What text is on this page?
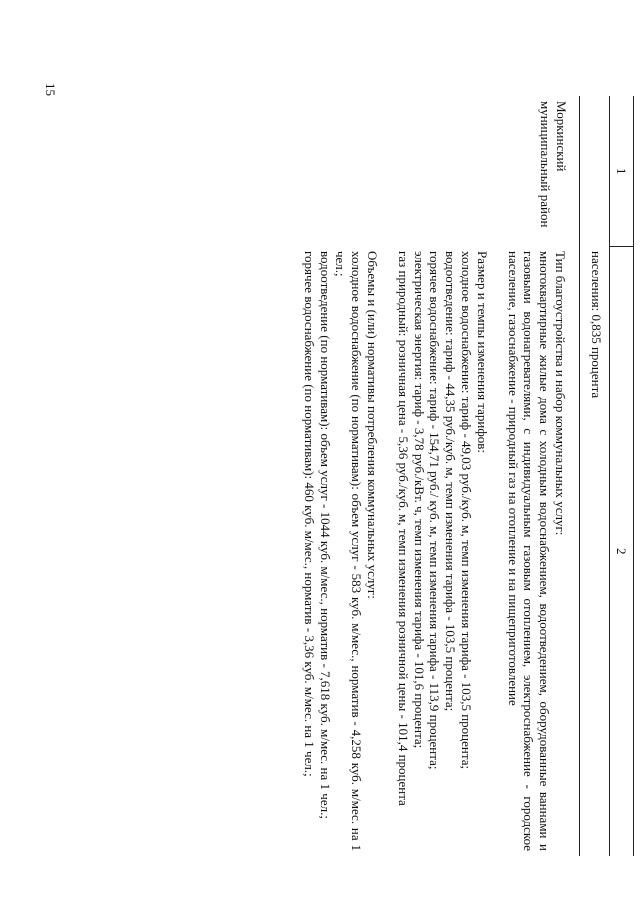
15
1
2

населения: 0,835 процента

Моркинский муниципальный район

Тип благоустройства и набор коммунальных услуг:

многоквартирные жилые дома с холодным водоснабжением, водоотведением, оборудованные ваннами и газовыми водонагревателями, с индивидуальным газовым отоплением, электроснабжение - городское население, газоснабжение - природный газ на отопление и на пищеприготовление

Размер и темпы изменения тарифов:

холодное водоснабжение: тариф - 49,03 руб./куб. м, темп изменения тарифа - 103,5 процента;

водоотведение: тариф - 44,35 руб./куб. м, темп изменения тарифа - 103,5 процента;

горячее водоснабжение: тариф - 154,71 руб./ куб. м, темп изменения тарифа - 113,9 процента;

электрическая энергия: тариф - 3,78 руб./кВт. ч, темп изменения тарифа - 101,6 процента;

газ природный: розничная цена - 5,36 руб./куб. м, темп изменения розничной цены - 101,4 процента

Объемы и (или) нормативы потребления коммунальных услуг:

холодное водоснабжение (по нормативам): объем услуг - 583 куб. м/мес., норматив - 4,258 куб. м/мес. на 1 чел.;

водоотведение (по нормативам): объем услуг - 1044 куб. м/мес., норматив - 7,618 куб. м/мес. на 1 чел.;

горячее водоснабжение (по нормативам): 460 куб. м/мес., норматив - 3,36 куб. м/мес. на 1 чел.;
